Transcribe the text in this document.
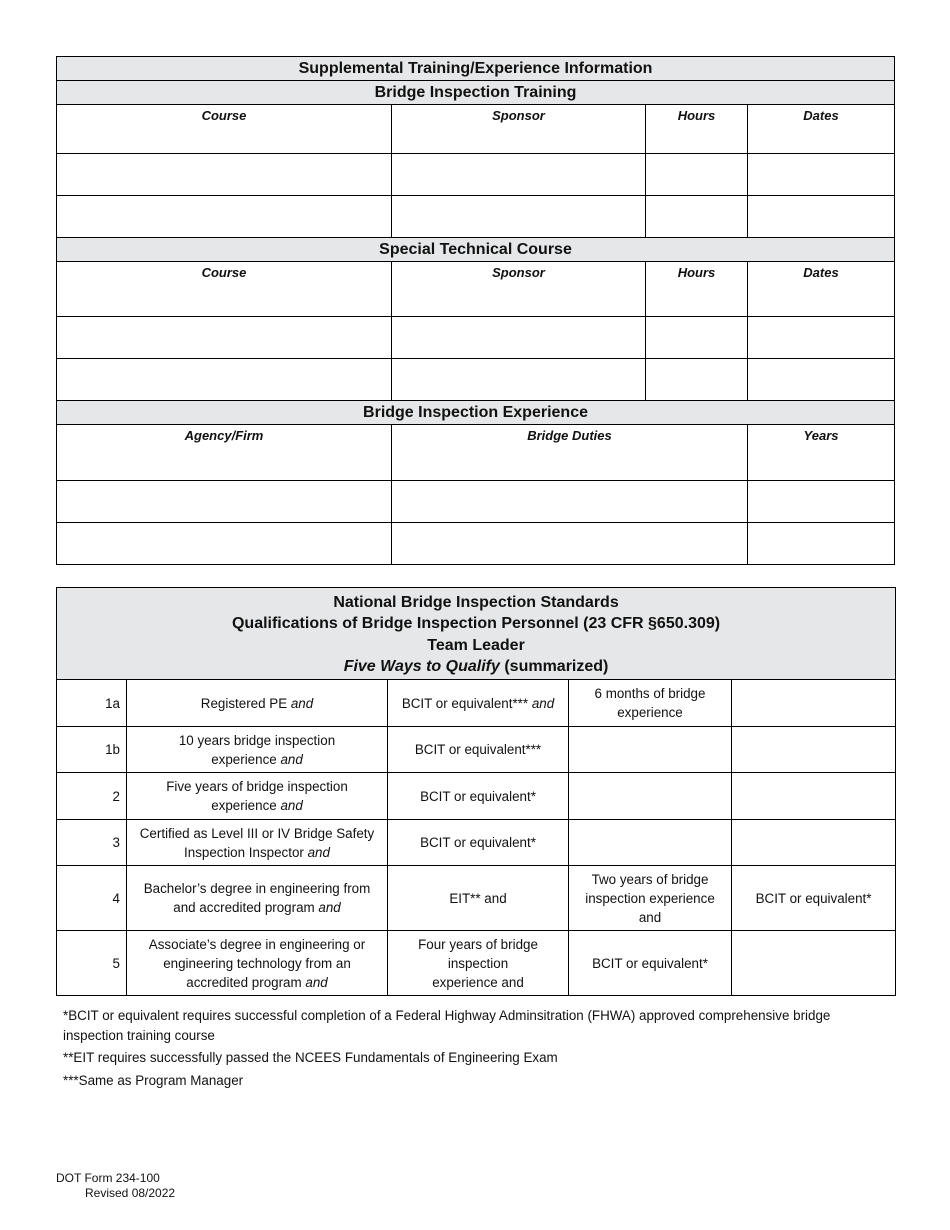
Supplemental Training/Experience Information			
Bridge Inspection Training			
Course	Sponsor	Hours	Dates

Special Technical Course			
Course	Sponsor	Hours	Dates

Bridge Inspection Experience			
Agency/Firm	Bridge Duties		Years

National Bridge Inspection Standards
Qualifications of Bridge Inspection Personnel (23 CFR §650.309)
Team Leader
Five Ways to Qualify (summarized)				

1a	Registered PE and	BCIT or equivalent*** and	6 months of bridge experience	
1b	10 years bridge inspection experience and	BCIT or equivalent***		
2	Five years of bridge inspection experience and	BCIT or equivalent*		
3	Certified as Level III or IV Bridge Safety Inspection Inspector and	BCIT or equivalent*		
4	Bachelor’s degree in engineering from and accredited program and	EIT** and	Two years of bridge inspection experience and	BCIT or equivalent*
5	Associate’s degree in engineering or engineering technology from an accredited program and	Four years of bridge inspection experience and	BCIT or equivalent*	

*BCIT or equivalent requires successful completion of a Federal Highway Adminsitration (FHWA) approved comprehensive bridge inspection training course

**EIT requires successfully passed the NCEES Fundamentals of Engineering Exam

***Same as Program Manager

DOT Form 234-100
Revised 08/2022
